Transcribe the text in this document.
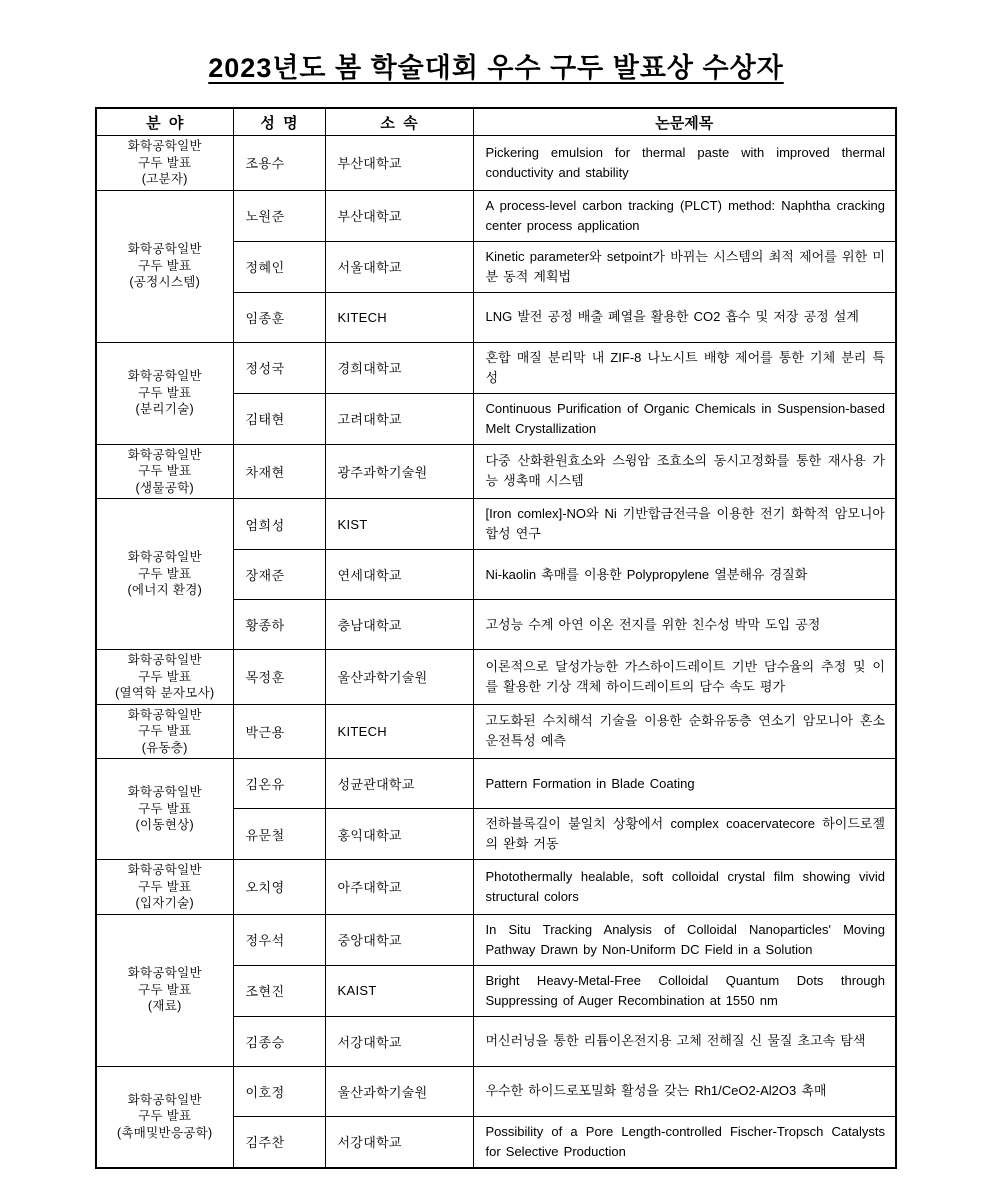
2023년도 봄 학술대회 우수 구두 발표상 수상자
분  야	성  명	소  속	논문제목

화학공학일반
구두 발표
(고분자)	조용수	부산대학교	Pickering emulsion for thermal paste with improved thermal conductivity and stability

화학공학일반
구두 발표
(공정시스템)	노원준	부산대학교	A process-level carbon tracking (PLCT) method: Naphtha cracking center process application
	정혜인	서울대학교	Kinetic parameter와 setpoint가 바뀌는 시스템의 최적 제어를 위한 미분 동적 계획법
	임종훈	KITECH	LNG 발전 공정 배출 폐열을 활용한 CO2 흡수 및 저장 공정 설계

화학공학일반
구두 발표
(분리기술)	정성국	경희대학교	혼합 매질 분리막 내 ZIF-8 나노시트 배향 제어를 통한 기체 분리 특성
	김태현	고려대학교	Continuous Purification of Organic Chemicals in Suspension-based Melt Crystallization

화학공학일반
구두 발표
(생물공학)	차재현	광주과학기술원	다중 산화환원효소와 스윙암 조효소의 동시고정화를 통한 재사용 가능 생촉매 시스템

화학공학일반
구두 발표
(에너지 환경)	엄희성	KIST	[Iron comlex]-NO와 Ni 기반합금전극을 이용한 전기 화학적 암모니아 합성 연구
	장재준	연세대학교	Ni-kaolin 촉매를 이용한 Polypropylene 열분해유 경질화
	황종하	충남대학교	고성능 수계 아연 이온 전지를 위한 친수성 박막 도입 공정

화학공학일반
구두 발표
(열역학 분자모사)	목정훈	울산과학기술원	이론적으로 달성가능한 가스하이드레이트 기반 담수율의 추정 및 이를 활용한 기상 객체 하이드레이트의 담수 속도 평가

화학공학일반
구두 발표
(유동층)	박근용	KITECH	고도화된 수치해석 기술을 이용한 순화유동층 연소기 암모니아 혼소 운전특성 예측

화학공학일반
구두 발표
(이동현상)	김온유	성균관대학교	Pattern Formation in Blade Coating
	유문철	홍익대학교	전하블록길이 불일치 상황에서 complex coacervatecore 하이드로젤의 완화 거동

화학공학일반
구두 발표
(입자기술)	오치영	아주대학교	Photothermally healable, soft colloidal crystal film showing vivid structural colors

화학공학일반
구두 발표
(재료)	정우석	중앙대학교	In Situ Tracking Analysis of Colloidal Nanoparticles' Moving Pathway Drawn by Non-Uniform DC Field in a Solution
	조현진	KAIST	Bright Heavy-Metal-Free Colloidal Quantum Dots through Suppressing of Auger Recombination at 1550 nm
	김종승	서강대학교	머신러닝을 통한 리튬이온전지용 고체 전해질 신 물질 초고속 탐색

화학공학일반
구두 발표
(촉매및반응공학)	이호정	울산과학기술원	우수한 하이드로포밀화 활성을 갖는 Rh1/CeO2-Al2O3 촉매
	김주찬	서강대학교	Possibility of a Pore Length-controlled Fischer-Tropsch Catalysts for Selective Production
